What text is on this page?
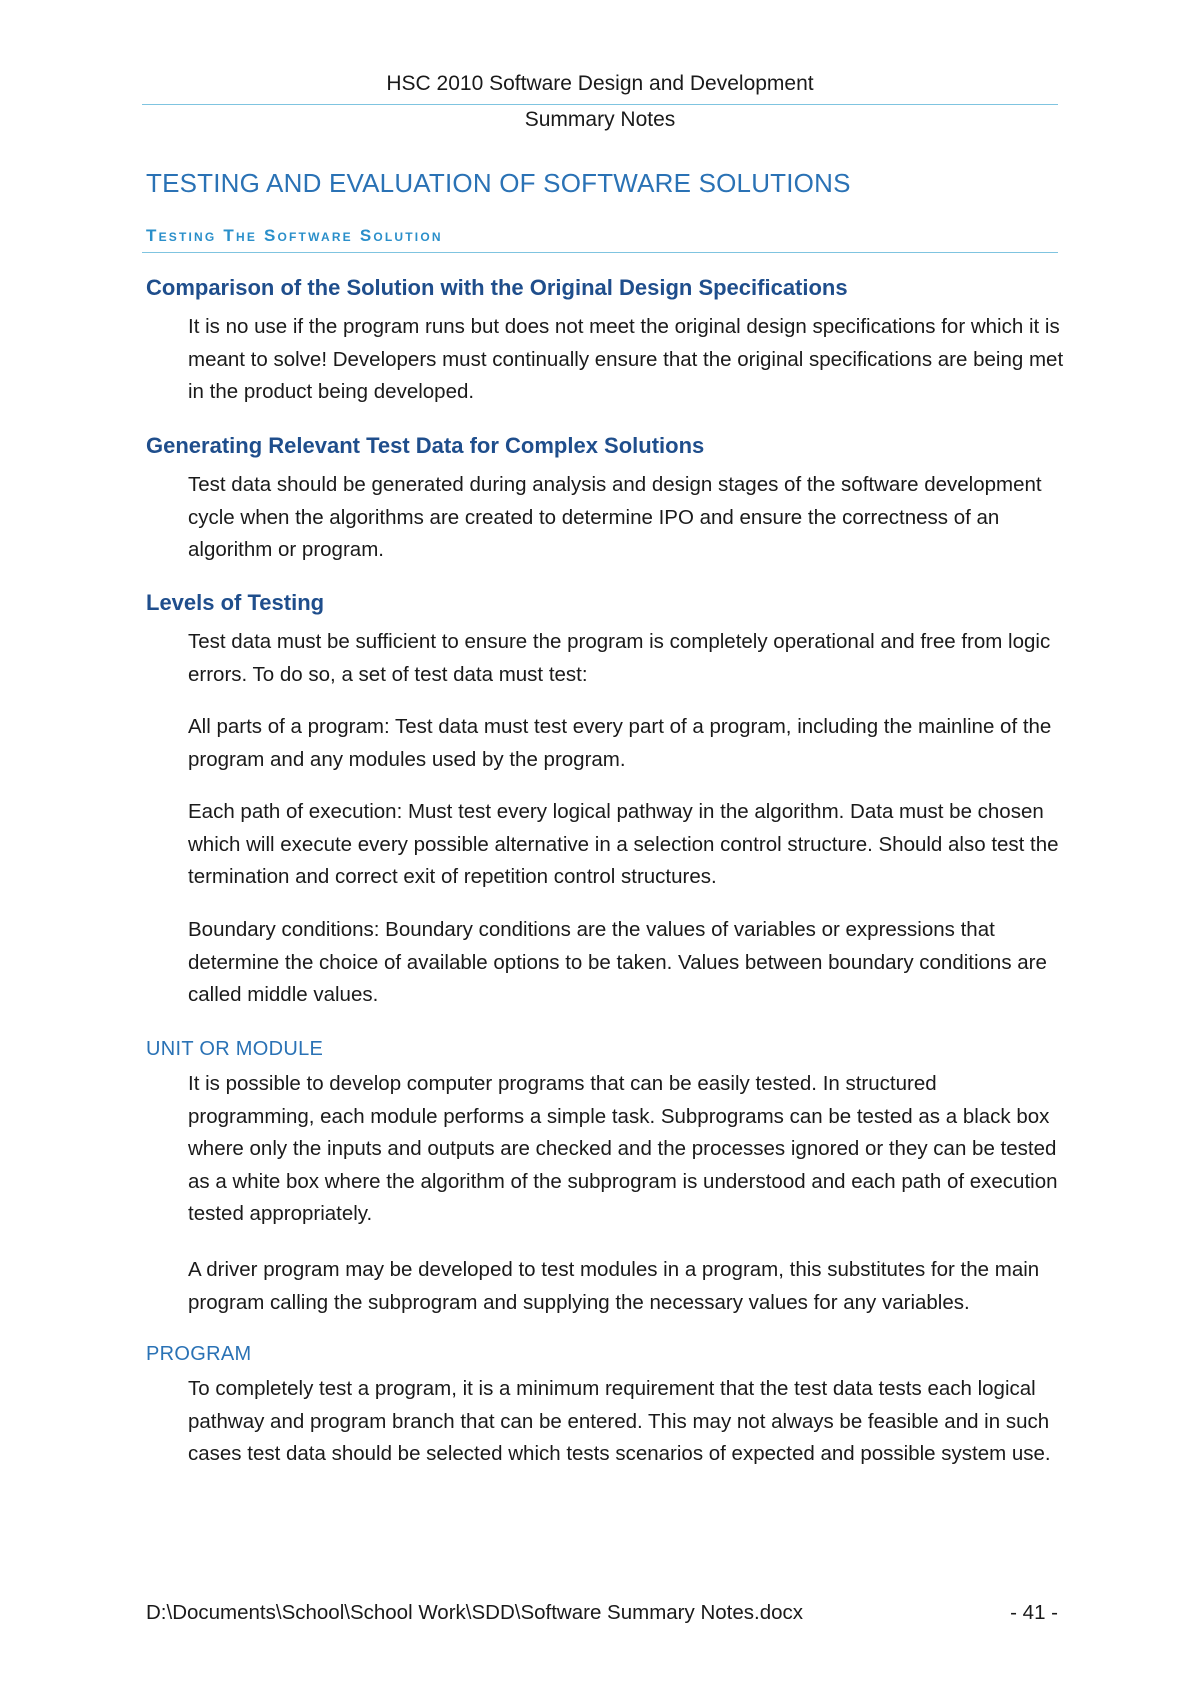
HSC 2010 Software Design and Development
Summary Notes
TESTING AND EVALUATION OF SOFTWARE SOLUTIONS
Testing The Software Solution
Comparison of the Solution with the Original Design Specifications

It is no use if the program runs but does not meet the original design specifications for which it is meant to solve! Developers must continually ensure that the original specifications are being met in the product being developed.

Generating Relevant Test Data for Complex Solutions

Test data should be generated during analysis and design stages of the software development cycle when the algorithms are created to determine IPO and ensure the correctness of an algorithm or program.

Levels of Testing

Test data must be sufficient to ensure the program is completely operational and free from logic errors. To do so, a set of test data must test:

All parts of a program: Test data must test every part of a program, including the mainline of the program and any modules used by the program.

Each path of execution: Must test every logical pathway in the algorithm. Data must be chosen which will execute every possible alternative in a selection control structure. Should also test the termination and correct exit of repetition control structures.

Boundary conditions: Boundary conditions are the values of variables or expressions that determine the choice of available options to be taken. Values between boundary conditions are called middle values.

UNIT OR MODULE

It is possible to develop computer programs that can be easily tested. In structured programming, each module performs a simple task. Subprograms can be tested as a black box where only the inputs and outputs are checked and the processes ignored or they can be tested as a white box where the algorithm of the subprogram is understood and each path of execution tested appropriately.

A driver program may be developed to test modules in a program, this substitutes for the main program calling the subprogram and supplying the necessary values for any variables.

PROGRAM

To completely test a program, it is a minimum requirement that the test data tests each logical pathway and program branch that can be entered. This may not always be feasible and in such cases test data should be selected which tests scenarios of expected and possible system use.

D:\Documents\School\School Work\SDD\Software Summary Notes.docx	- 41 -
